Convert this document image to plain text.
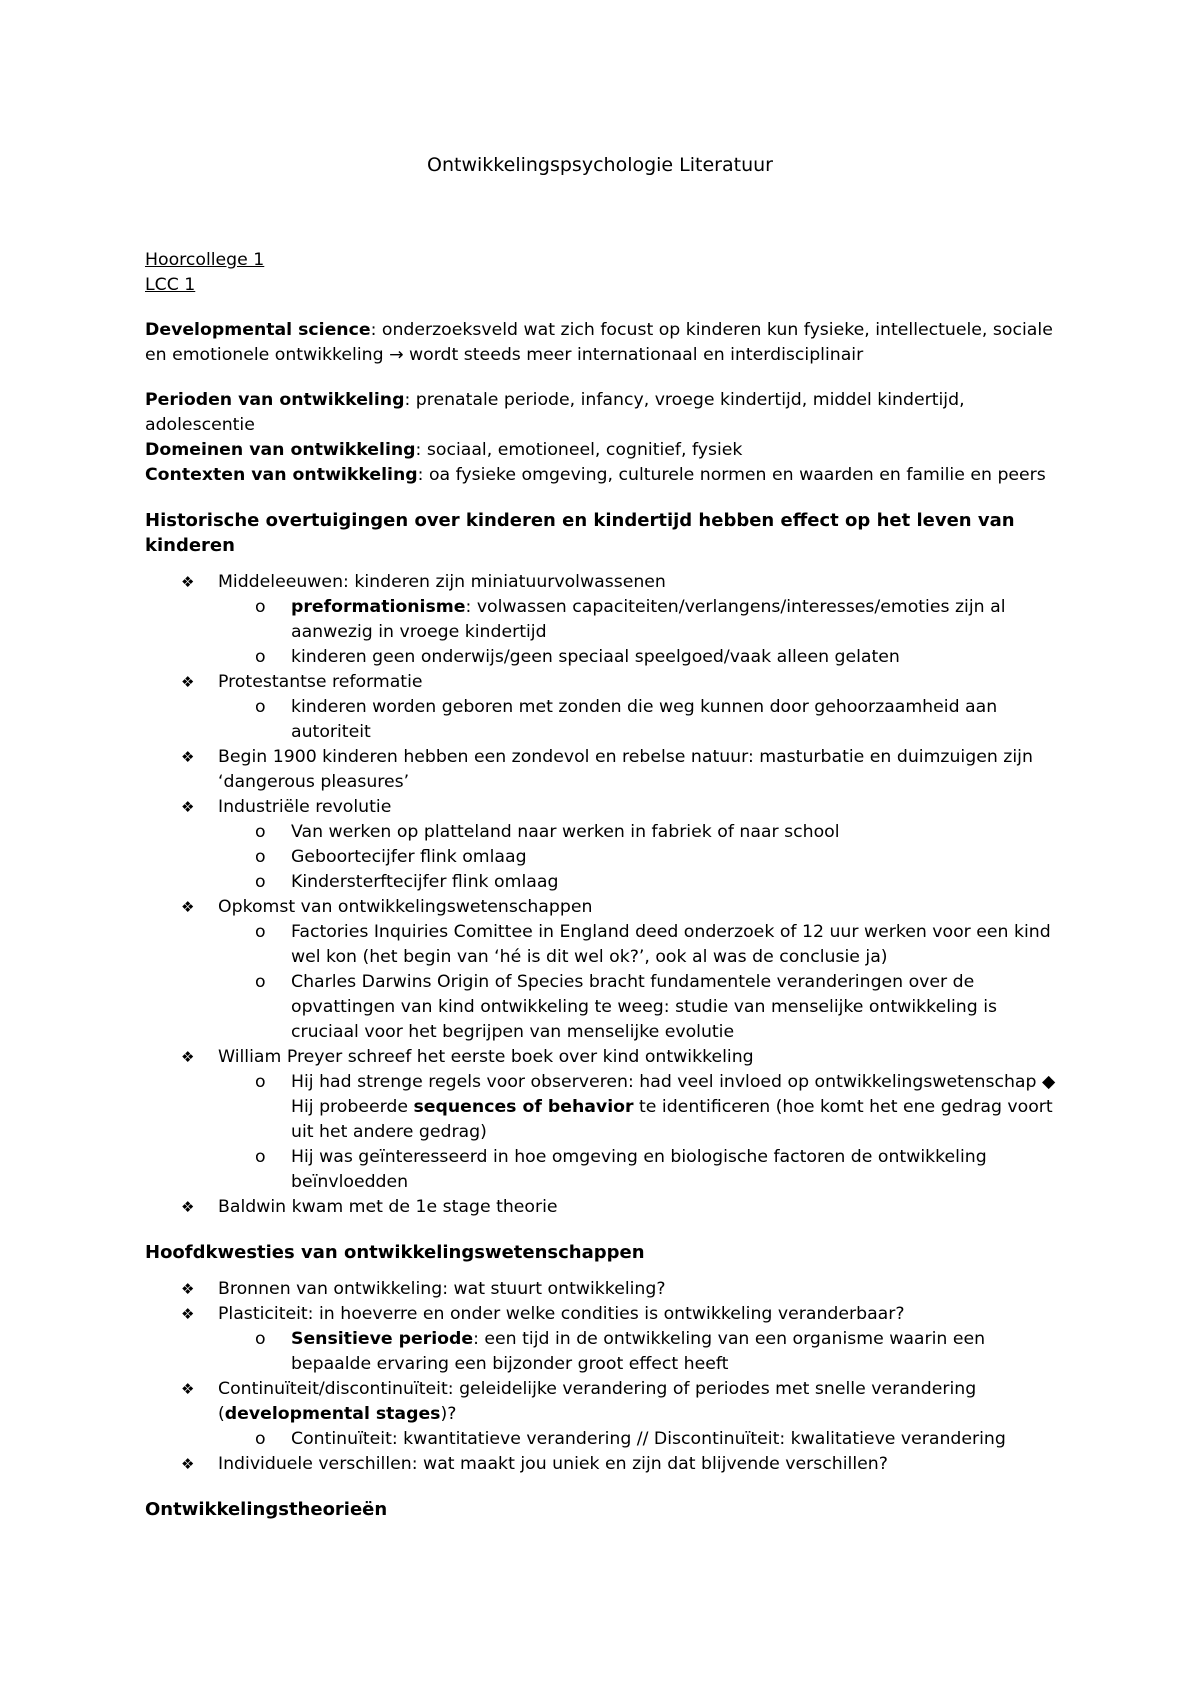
Ontwikkelingspsychologie Literatuur

Hoorcollege 1

LCC 1

Developmental science: onderzoeksveld wat zich focust op kinderen kun fysieke, intellectuele, sociale en emotionele ontwikkeling → wordt steeds meer internationaal en interdisciplinair

Perioden van ontwikkeling: prenatale periode, infancy, vroege kindertijd, middel kindertijd, adolescentie

Domeinen van ontwikkeling: sociaal, emotioneel, cognitief, fysiek

Contexten van ontwikkeling: oa fysieke omgeving, culturele normen en waarden en familie en peers

Historische overtuigingen over kinderen en kindertijd hebben effect op het leven van kinderen

❖ Middeleeuwen: kinderen zijn miniatuurvolwassenen
o preformationisme: volwassen capaciteiten/verlangens/interesses/emoties zijn al aanwezig in vroege kindertijd
o kinderen geen onderwijs/geen speciaal speelgoed/vaak alleen gelaten
❖ Protestantse reformatie
o kinderen worden geboren met zonden die weg kunnen door gehoorzaamheid aan autoriteit
❖ Begin 1900 kinderen hebben een zondevol en rebelse natuur: masturbatie en duimzuigen zijn ‘dangerous pleasures’
❖ Industriële revolutie
o Van werken op platteland naar werken in fabriek of naar school
o Geboortecijfer flink omlaag
o Kindersterftecijfer flink omlaag
❖ Opkomst van ontwikkelingswetenschappen
o Factories Inquiries Comittee in England deed onderzoek of 12 uur werken voor een kind wel kon (het begin van ‘hé is dit wel ok?’, ook al was de conclusie ja)
o Charles Darwins Origin of Species bracht fundamentele veranderingen over de opvattingen van kind ontwikkeling te weeg: studie van menselijke ontwikkeling is cruciaal voor het begrijpen van menselijke evolutie
❖ William Preyer schreef het eerste boek over kind ontwikkeling
o Hij had strenge regels voor observeren: had veel invloed op ontwikkelingswetenschap ◆ Hij probeerde sequences of behavior te identificeren (hoe komt het ene gedrag voort uit het andere gedrag)
o Hij was geïnteresseerd in hoe omgeving en biologische factoren de ontwikkeling beïnvloedden
❖ Baldwin kwam met de 1e stage theorie

Hoofdkwesties van ontwikkelingswetenschappen

❖ Bronnen van ontwikkeling: wat stuurt ontwikkeling?
❖ Plasticiteit: in hoeverre en onder welke condities is ontwikkeling veranderbaar?
o Sensitieve periode: een tijd in de ontwikkeling van een organisme waarin een bepaalde ervaring een bijzonder groot effect heeft
❖ Continuïteit/discontinuïteit: geleidelijke verandering of periodes met snelle verandering (developmental stages)?
o Continuïteit: kwantitatieve verandering // Discontinuïteit: kwalitatieve verandering
❖ Individuele verschillen: wat maakt jou uniek en zijn dat blijvende verschillen?

Ontwikkelingstheorieën
